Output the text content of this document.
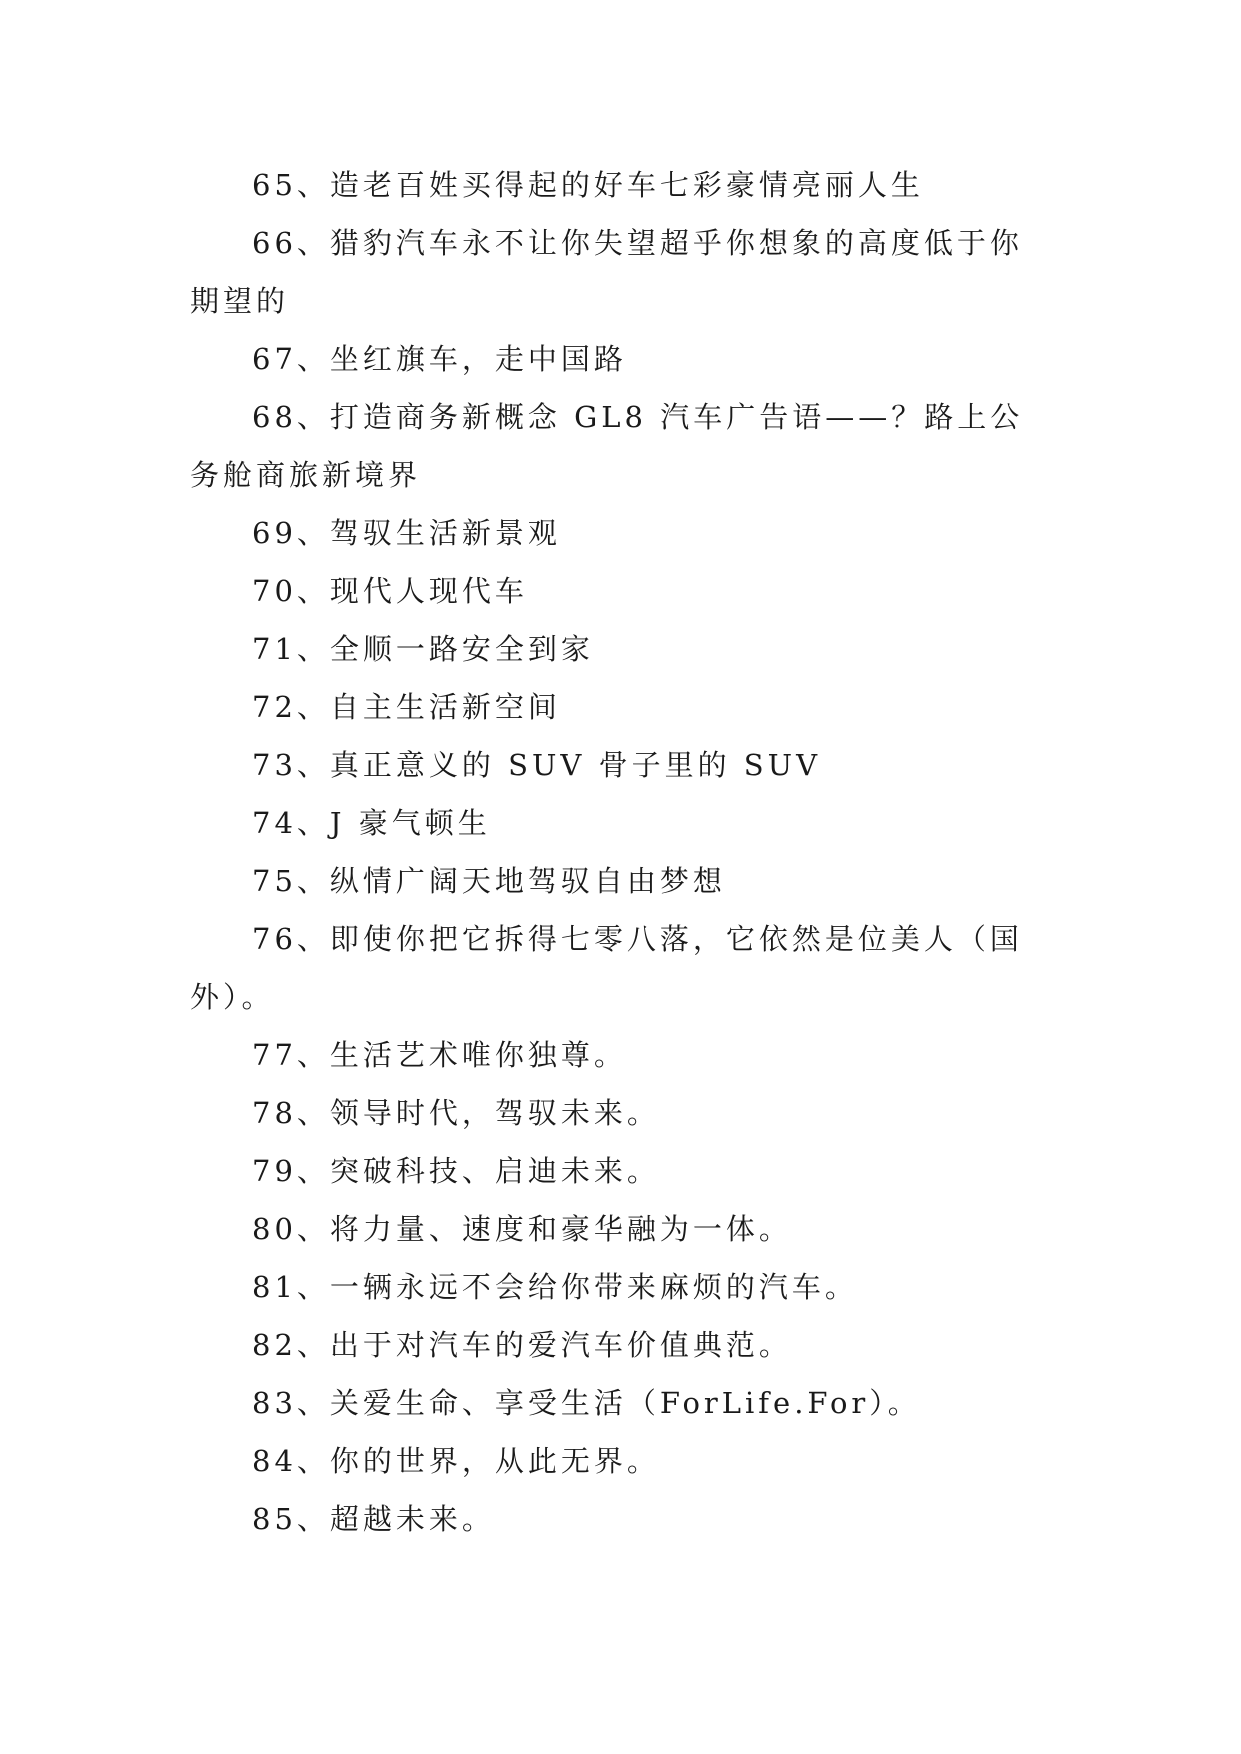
65、造老百姓买得起的好车七彩豪情亮丽人生

66、猎豹汽车永不让你失望超乎你想象的高度低于你期望的

67、坐红旗车，走中国路

68、打造商务新概念 GL8 汽车广告语——？路上公务舱商旅新境界

69、驾驭生活新景观

70、现代人现代车

71、全顺一路安全到家

72、自主生活新空间

73、真正意义的 SUV 骨子里的 SUV

74、J 豪气顿生

75、纵情广阔天地驾驭自由梦想

76、即使你把它拆得七零八落，它依然是位美人（国外）。

77、生活艺术唯你独尊。

78、领导时代，驾驭未来。

79、突破科技、启迪未来。

80、将力量、速度和豪华融为一体。

81、一辆永远不会给你带来麻烦的汽车。

82、出于对汽车的爱汽车价值典范。

83、关爱生命、享受生活（ForLife.For）。

84、你的世界，从此无界。

85、超越未来。
